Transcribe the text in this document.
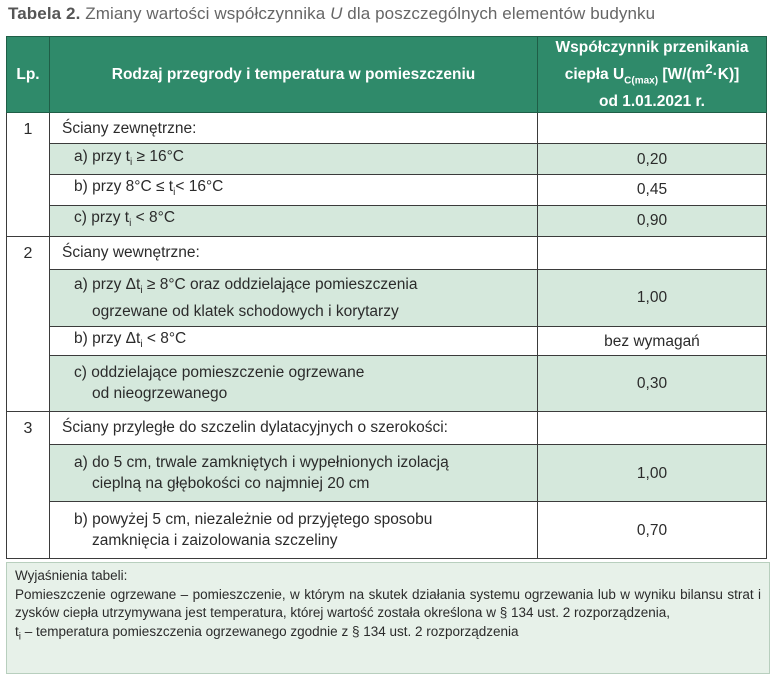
Tabela 2. Zmiany wartości współczynnika U dla poszczególnych elementów budynku
Lp.	Rodzaj przegrody i temperatura w pomieszczeniu	Współczynnik przenikania
ciepła $U_{C(max)}$ $[W/(m^2\cdot K)]$
od 1.01.2021 r.
1	Ściany zewnętrzne:	
	a) przy $t_i \ge 16^\circ C$	0,20
	b) przy $8^\circ C \le t_i< 16^\circ C$	0,45
	c) przy $t_i < 8^\circ C$	0,90
2	Ściany wewnętrzne:	
	a) przy $\Delta t_i \ge 8^\circ C$ oraz oddzielające pomieszczenia
ogrzewane od klatek schodowych i korytarzy	1,00
	b) przy $\Delta t_i < 8^\circ C$	bez wymagań
	c) oddzielające pomieszczenie ogrzewane
od nieogrzewanego	0,30
3	Ściany przyległe do szczelin dylatacyjnych o szerokości:	
	a) do 5 cm, trwale zamkniętych i wypełnionych izolacją
cieplną na głębokości co najmniej 20 cm	1,00
	b) powyżej 5 cm, niezależnie od przyjętego sposobu
zamknięcia i zaizolowania szczeliny	0,70

Wyjaśnienia tabeli:

Pomieszczenie ogrzewane – pomieszczenie, w którym na skutek działania systemu ogrzewania lub w wyniku bilansu strat i zysków ciepła utrzymywana jest temperatura, której wartość została określona w § 134 ust. 2 rozporządzenia,

$t_i$ – temperatura pomieszczenia ogrzewanego zgodnie z § 134 ust. 2 rozporządzenia
